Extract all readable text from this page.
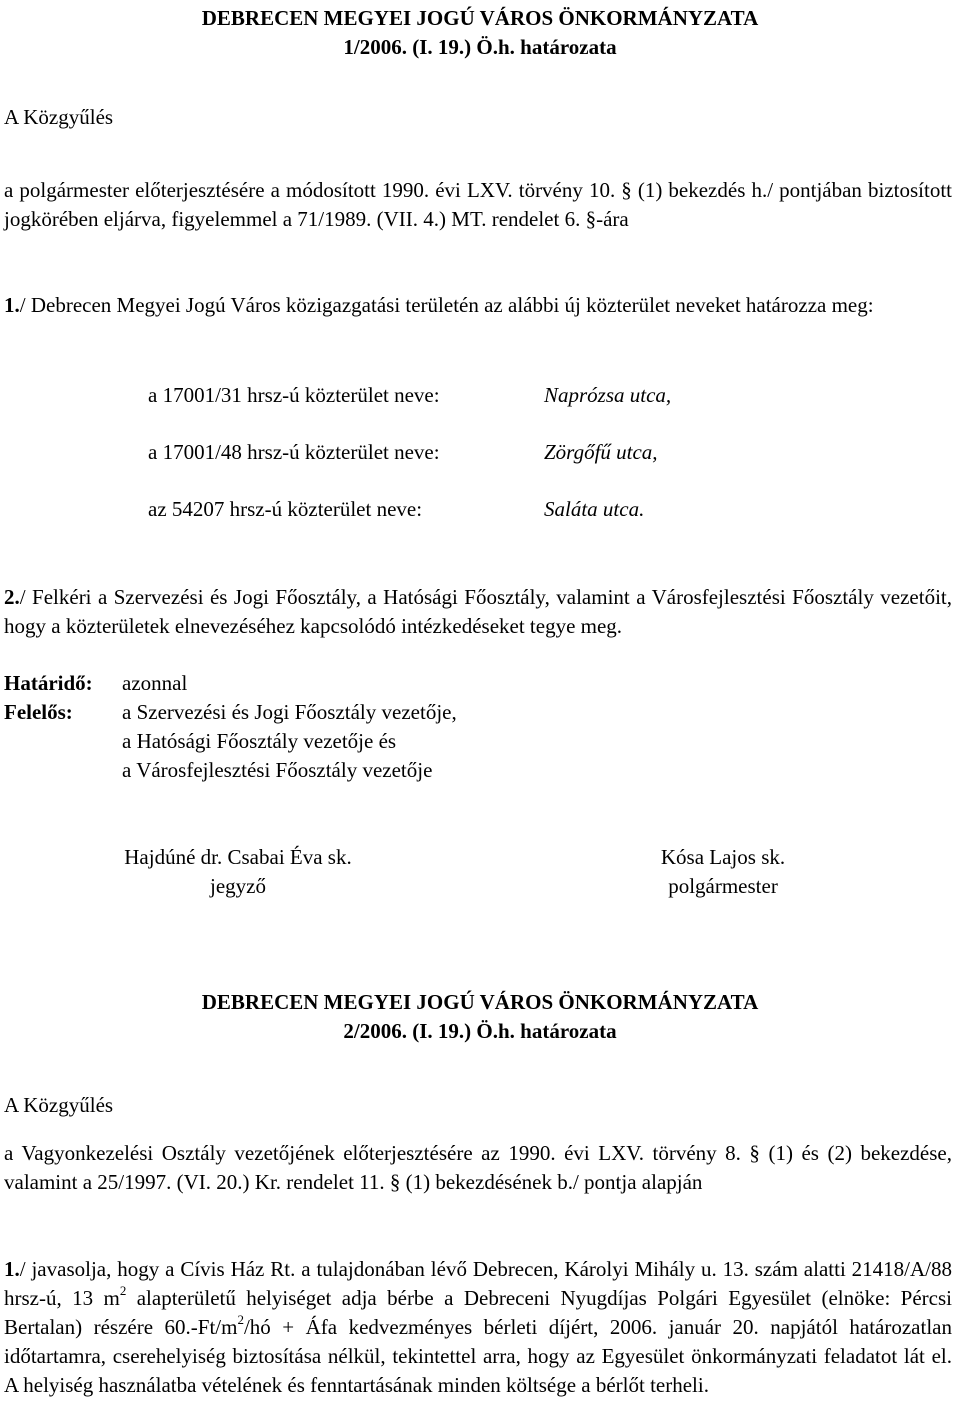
DEBRECEN MEGYEI JOGÚ VÁROS ÖNKORMÁNYZATA
1/2006. (I. 19.) Ö.h. határozata
A Közgyűlés
a polgármester előterjesztésére a módosított 1990. évi LXV. törvény 10. § (1) bekezdés h./ pontjában biztosított jogkörében eljárva, figyelemmel a 71/1989. (VII. 4.) MT. rendelet 6. §-ára
1./ Debrecen Megyei Jogú Város közigazgatási területén az alábbi új közterület neveket határozza meg:
a 17001/31 hrsz-ú közterület neve:	Naprózsa utca,
a 17001/48 hrsz-ú közterület neve:	Zörgőfű utca,
az 54207 hrsz-ú közterület neve:	Saláta utca.
2./ Felkéri a Szervezési és Jogi Főosztály, a Hatósági Főosztály, valamint a Városfejlesztési Főosztály vezetőit, hogy a közterületek elnevezéséhez kapcsolódó intézkedéseket tegye meg.
Határidő: azonnal
Felelős: a Szervezési és Jogi Főosztály vezetője,
a Hatósági Főosztály vezetője és
a Városfejlesztési Főosztály vezetője
Hajdúné dr. Csabai Éva sk.
jegyző
Kósa Lajos sk.
polgármester
DEBRECEN MEGYEI JOGÚ VÁROS ÖNKORMÁNYZATA
2/2006. (I. 19.) Ö.h. határozata
A Közgyűlés
a Vagyonkezelési Osztály vezetőjének előterjesztésére az 1990. évi LXV. törvény 8. § (1) és (2) bekezdése, valamint a 25/1997. (VI. 20.) Kr. rendelet 11. § (1) bekezdésének b./ pontja alapján
1./ javasolja, hogy a Cívis Ház Rt. a tulajdonában lévő Debrecen, Károlyi Mihály u. 13. szám alatti 21418/A/88 hrsz-ú, 13 $m^2$ alapterületű helyiséget adja bérbe a Debreceni Nyugdíjas Polgári Egyesület (elnöke: Pércsi Bertalan) részére $60.-Ft/m^2/hó$ + Áfa kedvezményes bérleti díjért, 2006. január 20. napjától határozatlan időtartamra, cserehelyiség biztosítása nélkül, tekintettel arra, hogy az Egyesület önkormányzati feladatot lát el. A helyiség használatba vételének és fenntartásának minden költsége a bérlőt terheli.
